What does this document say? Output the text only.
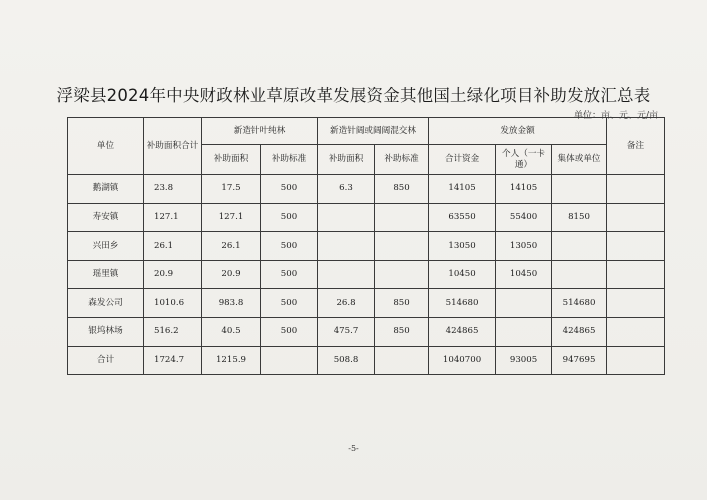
浮梁县2024年中央财政林业草原改革发展资金其他国土绿化项目补助发放汇总表
单位：亩、元、元/亩
单位	补助面积合计	新造针叶纯林		新造针阔或阔阔混交林		发放金额			备注
		补助面积	补助标准	补助面积	补助标准	合计资金	个人（一卡通）	集体或单位	
鹅湖镇	23.8	17.5	500	6.3	850	14105	14105		
寿安镇	127.1	127.1	500			63550	55400	8150	
兴田乡	26.1	26.1	500			13050	13050		
瑶里镇	20.9	20.9	500			10450	10450		
森发公司	1010.6	983.8	500	26.8	850	514680		514680	
银坞林场	516.2	40.5	500	475.7	850	424865		424865	
合计	1724.7	1215.9		508.8		1040700	93005	947695	
-5-
